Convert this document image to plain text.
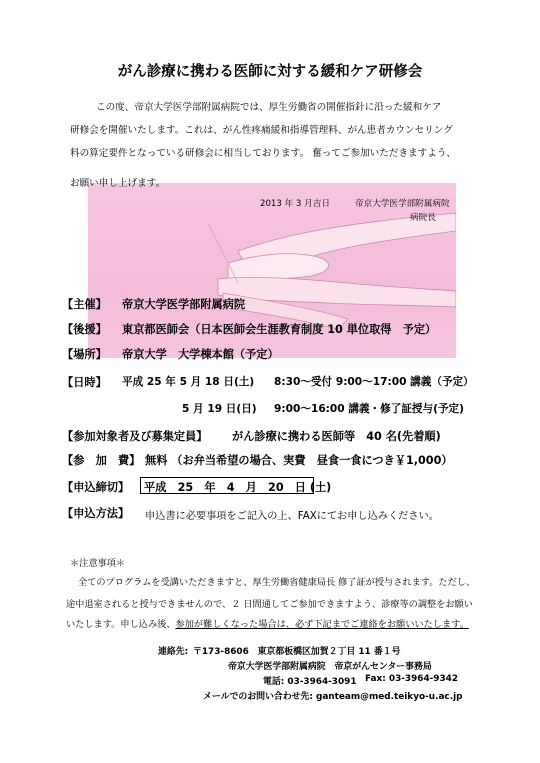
がん診療に携わる医師に対する緩和ケア研修会
この度、帝京大学医学部附属病院では、厚生労働省の開催指針に沿った緩和ケア
研修会を開催いたします。これは、がん性疼痛緩和指導管理料、がん患者カウンセリング
料の算定要件となっている研修会に相当しております。 奮ってご参加いただきますよう、
お願い申し上げます。
2013 年 3 月吉日	帝京大学医学部附属病院
病院長
【主催】 帝京大学医学部附属病院
【後援】 東京都医師会（日本医師会生涯教育制度 10 単位取得　予定）
【場所】 帝京大学　大学棟本館（予定）
【日時】 平成 25 年 5 月 18 日(土) 8:30～受付 9:00～17:00 講義（予定）
5 月 19 日(日) 9:00～16:00 講義・修了証授与(予定)
【参加対象者及び募集定員】 がん診療に携わる医師等　40 名(先着順)
【参　加　費】 無料 （お弁当希望の場合、実費　昼食一食につき￥1,000）
【申込締切】 平成　25　年　4　月　20　日 (土)
【申込方法】 申込書に必要事項をご記入の上、FAXにてお申し込みください。
＊注意事項＊
全てのプログラムを受講いただきますと、厚生労働省健康局長 修了証が授与されます。ただし、
途中退室されると授与できませんので、２ 日間通してご参加できますよう、診療等の調整をお願い
いたします。申し込み後、参加が難しくなった場合は、必ず下記までご連絡をお願いいたします。
連絡先: 〒173-8606　東京都板橋区加賀２丁目 11 番１号
帝京大学医学部附属病院　帝京がんセンター事務局
電話: 03-3964-3091 Fax: 03-3964-9342
メールでのお問い合わせ先: ganteam@med.teikyo-u.ac.jp
